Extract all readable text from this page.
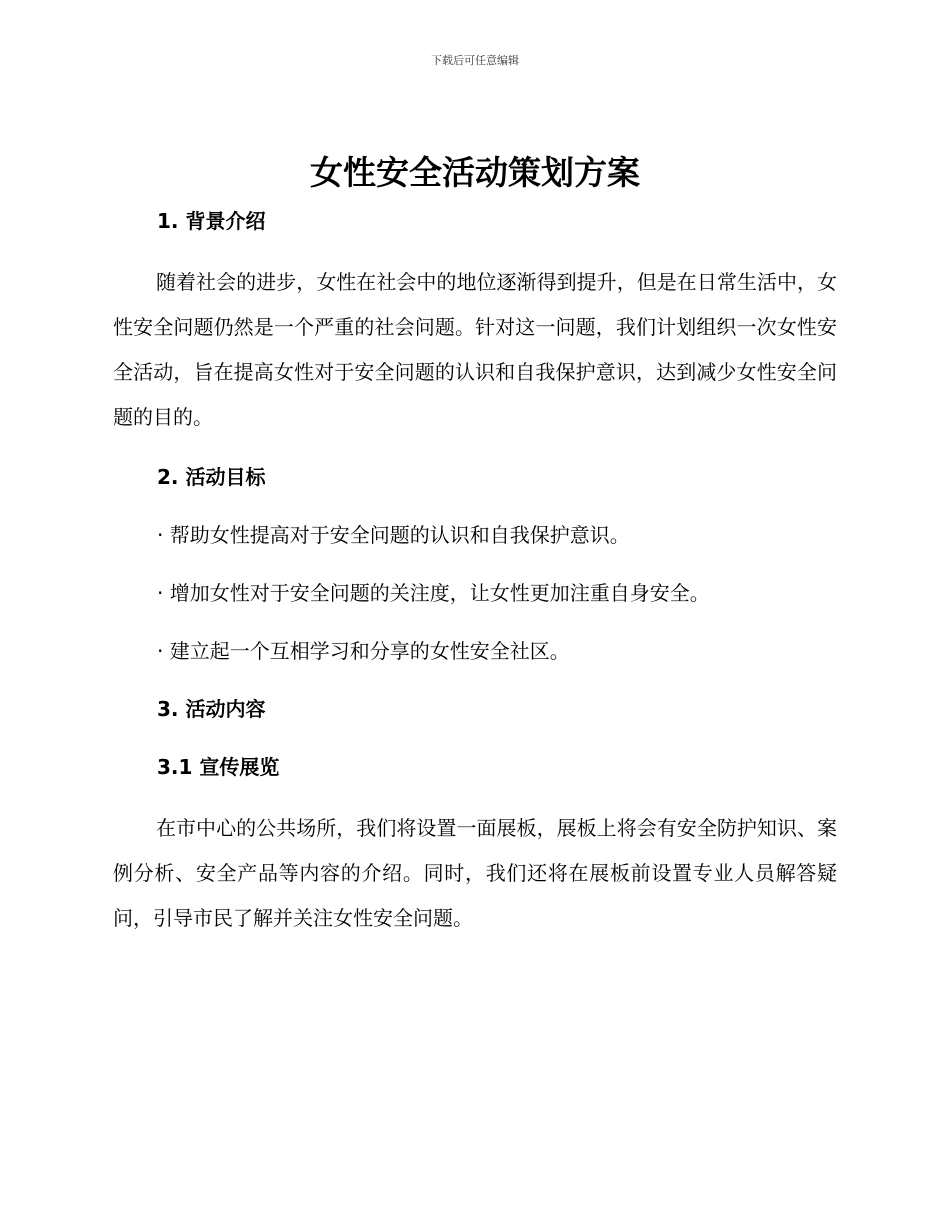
下载后可任意编辑
女性安全活动策划方案
1. 背景介绍

随着社会的进步，女性在社会中的地位逐渐得到提升，但是在日常生活中，女性安全问题仍然是一个严重的社会问题。针对这一问题，我们计划组织一次女性安全活动，旨在提高女性对于安全问题的认识和自我保护意识，达到减少女性安全问题的目的。

2. 活动目标
· 帮助女性提高对于安全问题的认识和自我保护意识。
· 增加女性对于安全问题的关注度，让女性更加注重自身安全。
· 建立起一个互相学习和分享的女性安全社区。
3. 活动内容
3.1 宣传展览

在市中心的公共场所，我们将设置一面展板，展板上将会有安全防护知识、案例分析、安全产品等内容的介绍。同时，我们还将在展板前设置专业人员解答疑问，引导市民了解并关注女性安全问题。
